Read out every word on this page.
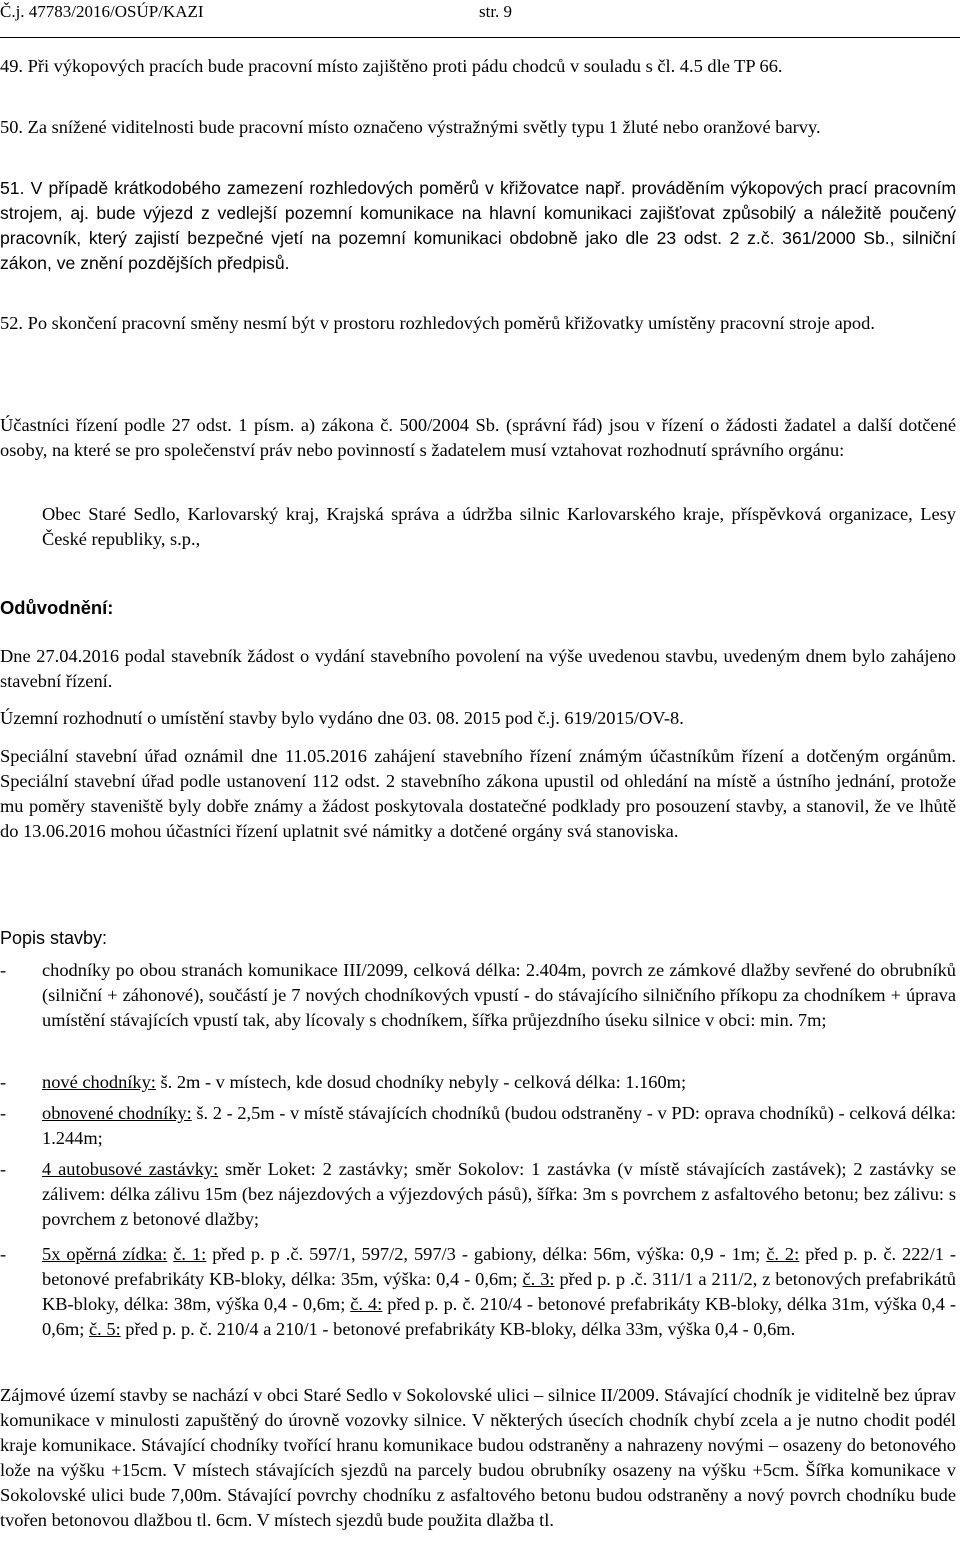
Č.j. 47783/2016/OSÚP/KAZI	str. 9
49. Při výkopových pracích bude pracovní místo zajištěno proti pádu chodců v souladu s čl. 4.5 dle TP 66.
50. Za snížené viditelnosti bude pracovní místo označeno výstražnými světly typu 1 žluté nebo oranžové barvy.
51. V případě krátkodobého zamezení rozhledových poměrů v křižovatce např. prováděním výkopových prací pracovním strojem, aj. bude výjezd z vedlejší pozemní komunikace na hlavní komunikaci zajišťovat způsobilý a náležitě poučený pracovník, který zajistí bezpečné vjetí na pozemní komunikaci obdobně jako dle 23 odst. 2 z.č. 361/2000 Sb., silniční zákon, ve znění pozdějších předpisů.
52. Po skončení pracovní směny nesmí být v prostoru rozhledových poměrů křižovatky umístěny pracovní stroje apod.
Účastníci řízení podle 27 odst. 1 písm. a) zákona č. 500/2004 Sb. (správní řád) jsou v řízení o žádosti žadatel a další dotčené osoby, na které se pro společenství práv nebo povinností s žadatelem musí vztahovat rozhodnutí správního orgánu:
Obec Staré Sedlo, Karlovarský kraj, Krajská správa a údržba silnic Karlovarského kraje, příspěvková organizace, Lesy České republiky, s.p.,
Odůvodnění:
Dne 27.04.2016 podal stavebník žádost o vydání stavebního povolení na výše uvedenou stavbu, uvedeným dnem bylo zahájeno stavební řízení.
Územní rozhodnutí o umístění stavby bylo vydáno dne 03. 08. 2015 pod č.j. 619/2015/OV-8.
Speciální stavební úřad oznámil dne 11.05.2016 zahájení stavebního řízení známým účastníkům řízení a dotčeným orgánům. Speciální stavební úřad podle ustanovení 112 odst. 2 stavebního zákona upustil od ohledání na místě a ústního jednání, protože mu poměry staveniště byly dobře známy a žádost poskytovala dostatečné podklady pro posouzení stavby, a stanovil, že ve lhůtě do 13.06.2016 mohou účastníci řízení uplatnit své námitky a dotčené orgány svá stanoviska.
Popis stavby:
-	chodníky po obou stranách komunikace III/2099, celková délka: 2.404m, povrch ze zámkové dlažby sevřené do obrubníků (silniční + záhonové), součástí je 7 nových chodníkových vpustí - do stávajícího silničního příkopu za chodníkem + úprava umístění stávajících vpustí tak, aby lícovaly s chodníkem, šířka průjezdního úseku silnice v obci: min. 7m;
-	nové chodníky: š. 2m - v místech, kde dosud chodníky nebyly - celková délka: 1.160m;
-	obnovené chodníky: š. 2 - 2,5m - v místě stávajících chodníků (budou odstraněny - v PD: oprava chodníků) - celková délka: 1.244m;
-	4 autobusové zastávky: směr Loket: 2 zastávky; směr Sokolov: 1 zastávka (v místě stávajících zastávek); 2 zastávky se zálivem: délka zálivu 15m (bez nájezdových a výjezdových pásů), šířka: 3m s povrchem z asfaltového betonu; bez zálivu: s povrchem z betonové dlažby;
-	5x opěrná zídka: č. 1: před p. p .č. 597/1, 597/2, 597/3 - gabiony, délka: 56m, výška: 0,9 - 1m; č. 2: před p. p. č. 222/1 - betonové prefabrikáty KB-bloky, délka: 35m, výška: 0,4 - 0,6m; č. 3: před p. p .č. 311/1 a 211/2, z betonových prefabrikátů KB-bloky, délka: 38m, výška 0,4 - 0,6m; č. 4: před p. p. č. 210/4 - betonové prefabrikáty KB-bloky, délka 31m, výška 0,4 - 0,6m; č. 5: před p. p. č. 210/4 a 210/1 - betonové prefabrikáty KB-bloky, délka 33m, výška 0,4 - 0,6m.
Zájmové území stavby se nachází v obci Staré Sedlo v Sokolovské ulici – silnice II/2009. Stávající chodník je viditelně bez úprav komunikace v minulosti zapuštěný do úrovně vozovky silnice. V některých úsecích chodník chybí zcela a je nutno chodit podél kraje komunikace. Stávající chodníky tvořící hranu komunikace budou odstraněny a nahrazeny novými – osazeny do betonového lože na výšku +15cm. V místech stávajících sjezdů na parcely budou obrubníky osazeny na výšku +5cm. Šířka komunikace v Sokolovské ulici bude 7,00m. Stávající povrchy chodníku z asfaltového betonu budou odstraněny a nový povrch chodníku bude tvořen betonovou dlažbou tl. 6cm. V místech sjezdů bude použita dlažba tl.
